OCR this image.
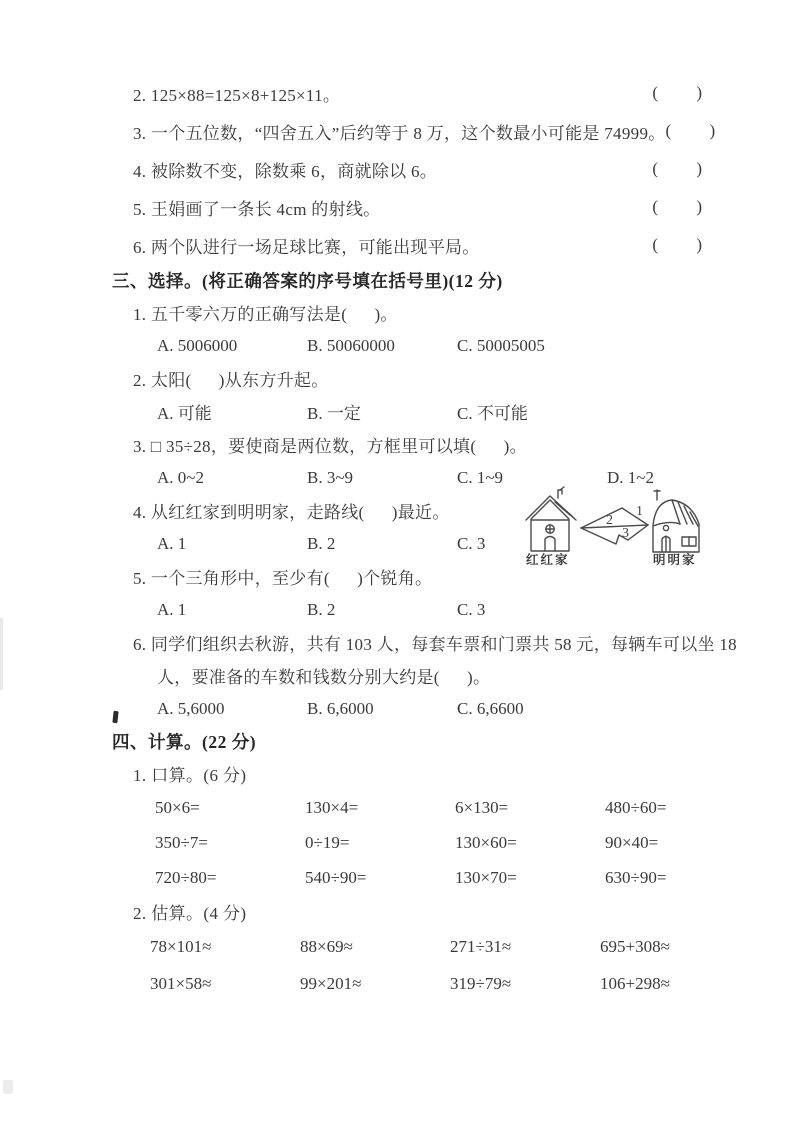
2. 125×88=125×8+125×11。	(         )
3. 一个五位数，“四舍五入”后约等于 8 万，这个数最小可能是 74999。 (         )
4. 被除数不变，除数乘 6，商就除以 6。	(         )
5. 王娟画了一条长 4cm 的射线。	(         )
6. 两个队进行一场足球比赛，可能出现平局。	(         )
三、选择。(将正确答案的序号填在括号里)(12 分)
1. 五千零六万的正确写法是(      )。
A. 5006000	B. 50060000	C. 50005005
2. 太阳(      )从东方升起。
A. 可能	B. 一定	C. 不可能
3. □ 35÷28，要使商是两位数，方框里可以填(      )。
A. 0~2	B. 3~9	C. 1~9	D. 1~2
4. 从红红家到明明家，走路线(      )最近。
A. 1	B. 2	C. 3
5. 一个三角形中，至少有(      )个锐角。
A. 1	B. 2	C. 3
6. 同学们组织去秋游，共有 103 人，每套车票和门票共 58 元，每辆车可以坐 18
人，要准备的车数和钱数分别大约是(      )。
A. 5,6000	B. 6,6000	C. 6,6600
四、计算。(22 分)
1. 口算。(6 分)
50×6=	130×4=	6×130=	480÷60=
350÷7=	0÷19=	130×60=	90×40=
720÷80=	540÷90=	130×70=	630÷90=
2. 估算。(4 分)
78×101≈	88×69≈	271÷31≈	695+308≈
301×58≈	99×201≈	319÷79≈	106+298≈
2
1
3
红红家	明明家
